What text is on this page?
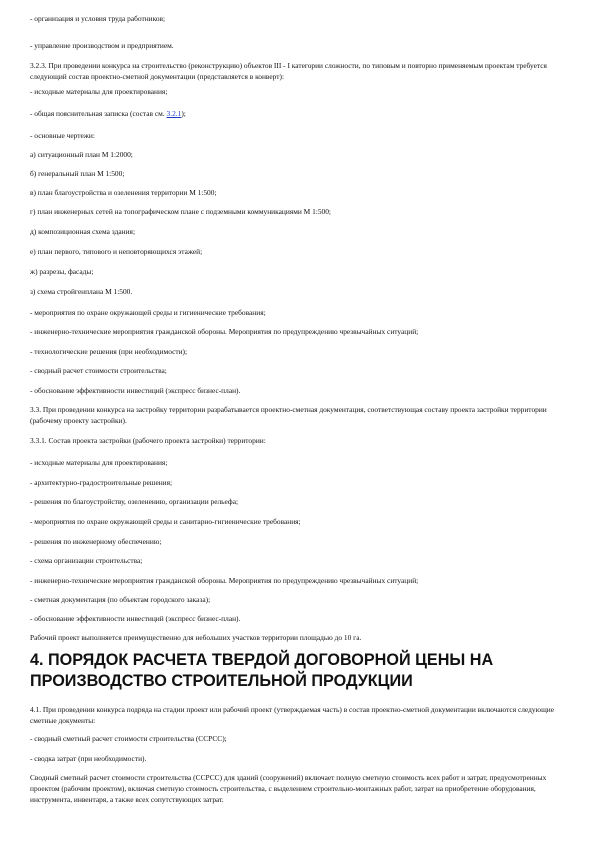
- организация и условия труда работников;
- управление производством и предприятием.
3.2.3. При проведении конкурса на строительство (реконструкцию) объектов III - I категории сложности, по типовым и повторно применяемым проектам требуется следующий состав проектно-сметной документации (представляется в конверт):
- исходные материалы для проектирования;
- общая пояснительная записка (состав см. 3.2.1);
- основные чертежи:
а) ситуационный план М 1:2000;
б) генеральный план М 1:500;
в) план благоустройства и озеленения территории М 1:500;
г) план инженерных сетей на топографическом плане с подземными коммуникациями М 1:500;
д) композиционная схема здания;
е) план первого, типового и неповторяющихся этажей;
ж) разрезы, фасады;
з) схема стройгенплана М 1:500.
- мероприятия по охране окружающей среды и гигиенические требования;
- инженерно-технические мероприятия гражданской обороны. Мероприятия по предупреждению чрезвычайных ситуаций;
- технологические решения (при необходимости);
- сводный расчет стоимости строительства;
- обоснование эффективности инвестиций (экспресс бизнес-план).
3.3. При проведении конкурса на застройку территории разрабатывается проектно-сметная документация, соответствующая составу проекта застройки территории (рабочему проекту застройки).
3.3.1. Состав проекта застройки (рабочего проекта застройки) территории:
- исходные материалы для проектирования;
- архитектурно-градостроительные решения;
- решения по благоустройству, озеленению, организации рельефа;
- мероприятия по охране окружающей среды и санитарно-гигиенические требования;
- решения по инженерному обеспечению;
- схема организации строительства;
- инженерно-технические мероприятия гражданской обороны. Мероприятия по предупреждению чрезвычайных ситуаций;
- сметная документация (по объектам городского заказа);
- обоснование эффективности инвестиций (экспресс бизнес-план).
Рабочий проект выполняется преимущественно для небольших участков территории площадью до 10 га.
4. ПОРЯДОК РАСЧЕТА ТВЕРДОЙ ДОГОВОРНОЙ ЦЕНЫ НА ПРОИЗВОДСТВО СТРОИТЕЛЬНОЙ ПРОДУКЦИИ
4.1. При проведении конкурса подряда на стадии проект или рабочий проект (утверждаемая часть) в состав проектно-сметной документации включаются следующие сметные документы:
- сводный сметный расчет стоимости строительства (ССРСС);
- сводка затрат (при необходимости).
Сводный сметный расчет стоимости строительства (ССРСС) для зданий (сооружений) включает полную сметную стоимость всех работ и затрат, предусмотренных проектом (рабочим проектом), включая сметную стоимость строительства, с выделением строительно-монтажных работ, затрат на приобретение оборудования, инструмента, инвентаря, а также всех сопутствующих затрат.
